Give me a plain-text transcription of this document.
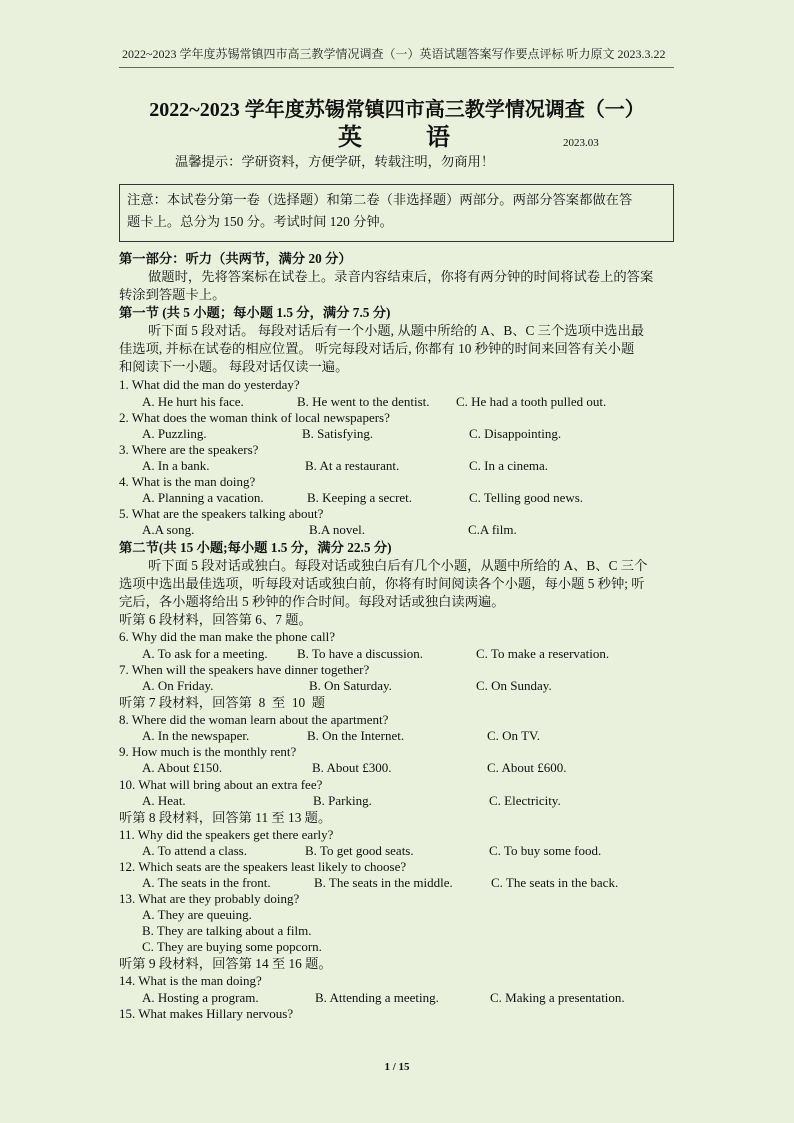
2022~2023 学年度苏锡常镇四市高三教学情况调查（一）英语试题答案写作要点评标 听力原文 2023.3.22
2022~2023 学年度苏锡常镇四市高三教学情况调查（一）
英	语	2023.03
温馨提示：学研资料，方便学研，转载注明，勿商用！
注意：本试卷分第一卷（选择题）和第二卷（非选择题）两部分。两部分答案都做在答
题卡上。总分为 150 分。考试时间 120 分钟。
第一部分：听力（共两节，满分 20 分）
做题时，先将答案标在试卷上。录音内容结束后，你将有两分钟的时间将试卷上的答案
转涂到答题卡上。
第一节 (共 5 小题；每小题 1.5 分，满分 7.5 分)
听下面 5 段对话。 每段对话后有一个小题, 从题中所给的 A、B、C 三个选项中选出最
佳选项, 并标在试卷的相应位置。 听完每段对话后, 你都有 10 秒钟的时间来回答有关小题
和阅读下一小题。 每段对话仅读一遍。
1. What did the man do yesterday?
A. He hurt his face.	B. He went to the dentist. C. He had a tooth pulled out.
2. What does the woman think of local newspapers?
A. Puzzling.	B. Satisfying.	C. Disappointing.
3. Where are the speakers?
A. In a bank.	B. At a restaurant.	C. In a cinema.
4. What is the man doing?
A. Planning a vacation.	B. Keeping a secret.	C. Telling good news.
5. What are the speakers talking about?
A.A song.	B.A novel.	C.A film.
第二节(共 15 小题;每小题 1.5 分，满分 22.5 分)
听下面 5 段对话或独白。每段对话或独白后有几个小题，从题中所给的 A、B、C 三个
选项中选出最佳选项，听每段对话或独白前，你将有时间阅读各个小题，每小题 5 秒钟; 听
完后，各小题将给出 5 秒钟的作合时间。每段对话或独白读两遍。
听第 6 段材料，回答第 6、7 题。
6. Why did the man make the phone call?
A. To ask for a meeting. B. To have a discussion.	C. To make a reservation.
7. When will the speakers have dinner together?
A. On Friday.	B. On Saturday.	C. On Sunday.
听第 7 段材料，回答第  8  至  10  题
8. Where did the woman learn about the apartment?
A. In the newspaper.	B. On the Internet.	C. On TV.
9. How much is the monthly rent?
A. About £150.	B. About £300.	C. About £600.
10. What will bring about an extra fee?
A. Heat.	B. Parking.	C. Electricity.
听第 8 段材料，回答第 11 至 13 题。
11. Why did the speakers get there early?
A. To attend a class.	B. To get good seats.	C. To buy some food.
12. Which seats are the speakers least likely to choose?
A. The seats in the front.	B. The seats in the middle.	C. The seats in the back.
13. What are they probably doing?
A. They are queuing.
B. They are talking about a film.
C. They are buying some popcorn.
听第 9 段材料，回答第 14 至 16 题。
14. What is the man doing?
A. Hosting a program.	B. Attending a meeting.	C. Making a presentation.
15. What makes Hillary nervous?
1 / 15
